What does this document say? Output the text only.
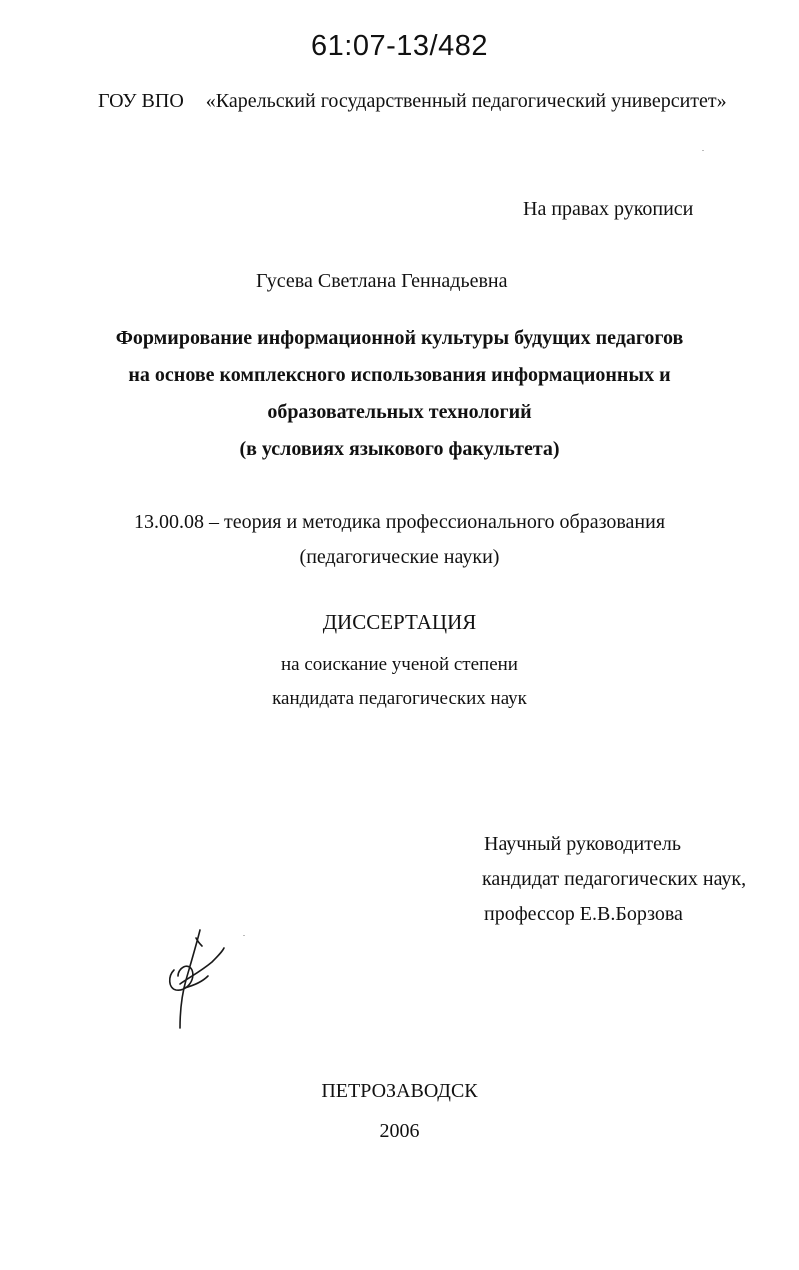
61:07-13/482
ГОУ ВПО «Карельский государственный педагогический университет»
На правах рукописи
Гусева Светлана Геннадьевна
Формирование информационной культуры будущих педагогов
на основе комплексного использования информационных и
образовательных технологий
(в условиях языкового факультета)
13.00.08 – теория и методика профессионального образования
(педагогические науки)
ДИССЕРТАЦИЯ
на соискание ученой степени
кандидата педагогических наук
Научный руководитель
кандидат педагогических наук,
профессор Е.В.Борзова
ПЕТРОЗАВОДСК
2006
